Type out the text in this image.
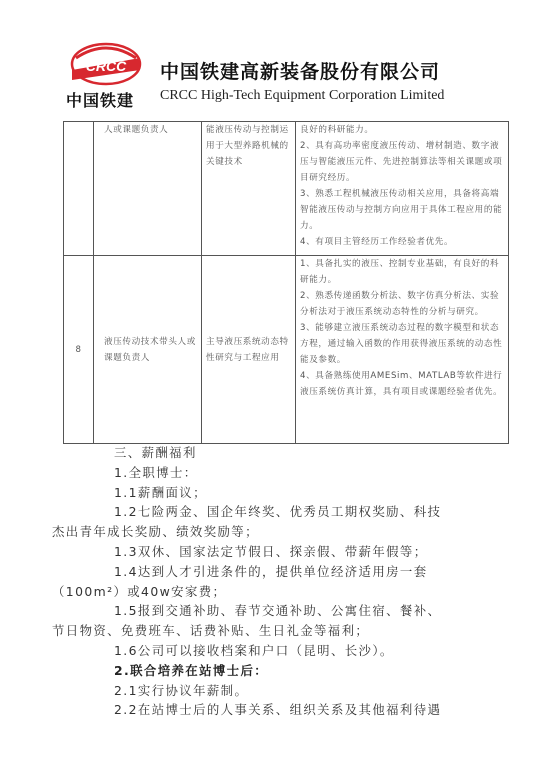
CRCC
中国铁建
中国铁建高新装备股份有限公司
CRCC High-Tech Equipment Corporation Limited

	人或课题负责人	能液压传动与控制运用于大型养路机械的关键技术	良好的科研能力。

2、具有高功率密度液压传动、增材制造、数字液压与智能液压元件、先进控制算法等相关课题或项目研究经历。

3、熟悉工程机械液压传动相关应用，具备将高端智能液压传动与控制方向应用于具体工程应用的能力。

4、有项目主管经历工作经验者优先。

8	液压传动技术带头人或课题负责人	主导液压系统动态特性研究与工程应用	1、具备扎实的液压、控制专业基础，有良好的科研能力。

2、熟悉传递函数分析法、数字仿真分析法、实验分析法对于液压系统动态特性的分析与研究。

3、能够建立液压系统动态过程的数字模型和状态方程，通过输入函数的作用获得液压系统的动态性能及参数。

4、具备熟练使用AMESim、MATLAB等软件进行液压系统仿真计算，具有项目或课题经验者优先。

三、薪酬福利

1.全职博士：

1.1薪酬面议；

1.2七险两金、国企年终奖、优秀员工期权奖励、科技

杰出青年成长奖励、绩效奖励等；

1.3双休、国家法定节假日、探亲假、带薪年假等；

1.4达到人才引进条件的，提供单位经济适用房一套

（100m²）或40w安家费；

1.5报到交通补助、春节交通补助、公寓住宿、餐补、

节日物资、免费班车、话费补贴、生日礼金等福利；

1.6公司可以接收档案和户口（昆明、长沙）。

2.联合培养在站博士后：

2.1实行协议年薪制。

2.2在站博士后的人事关系、组织关系及其他福利待遇
